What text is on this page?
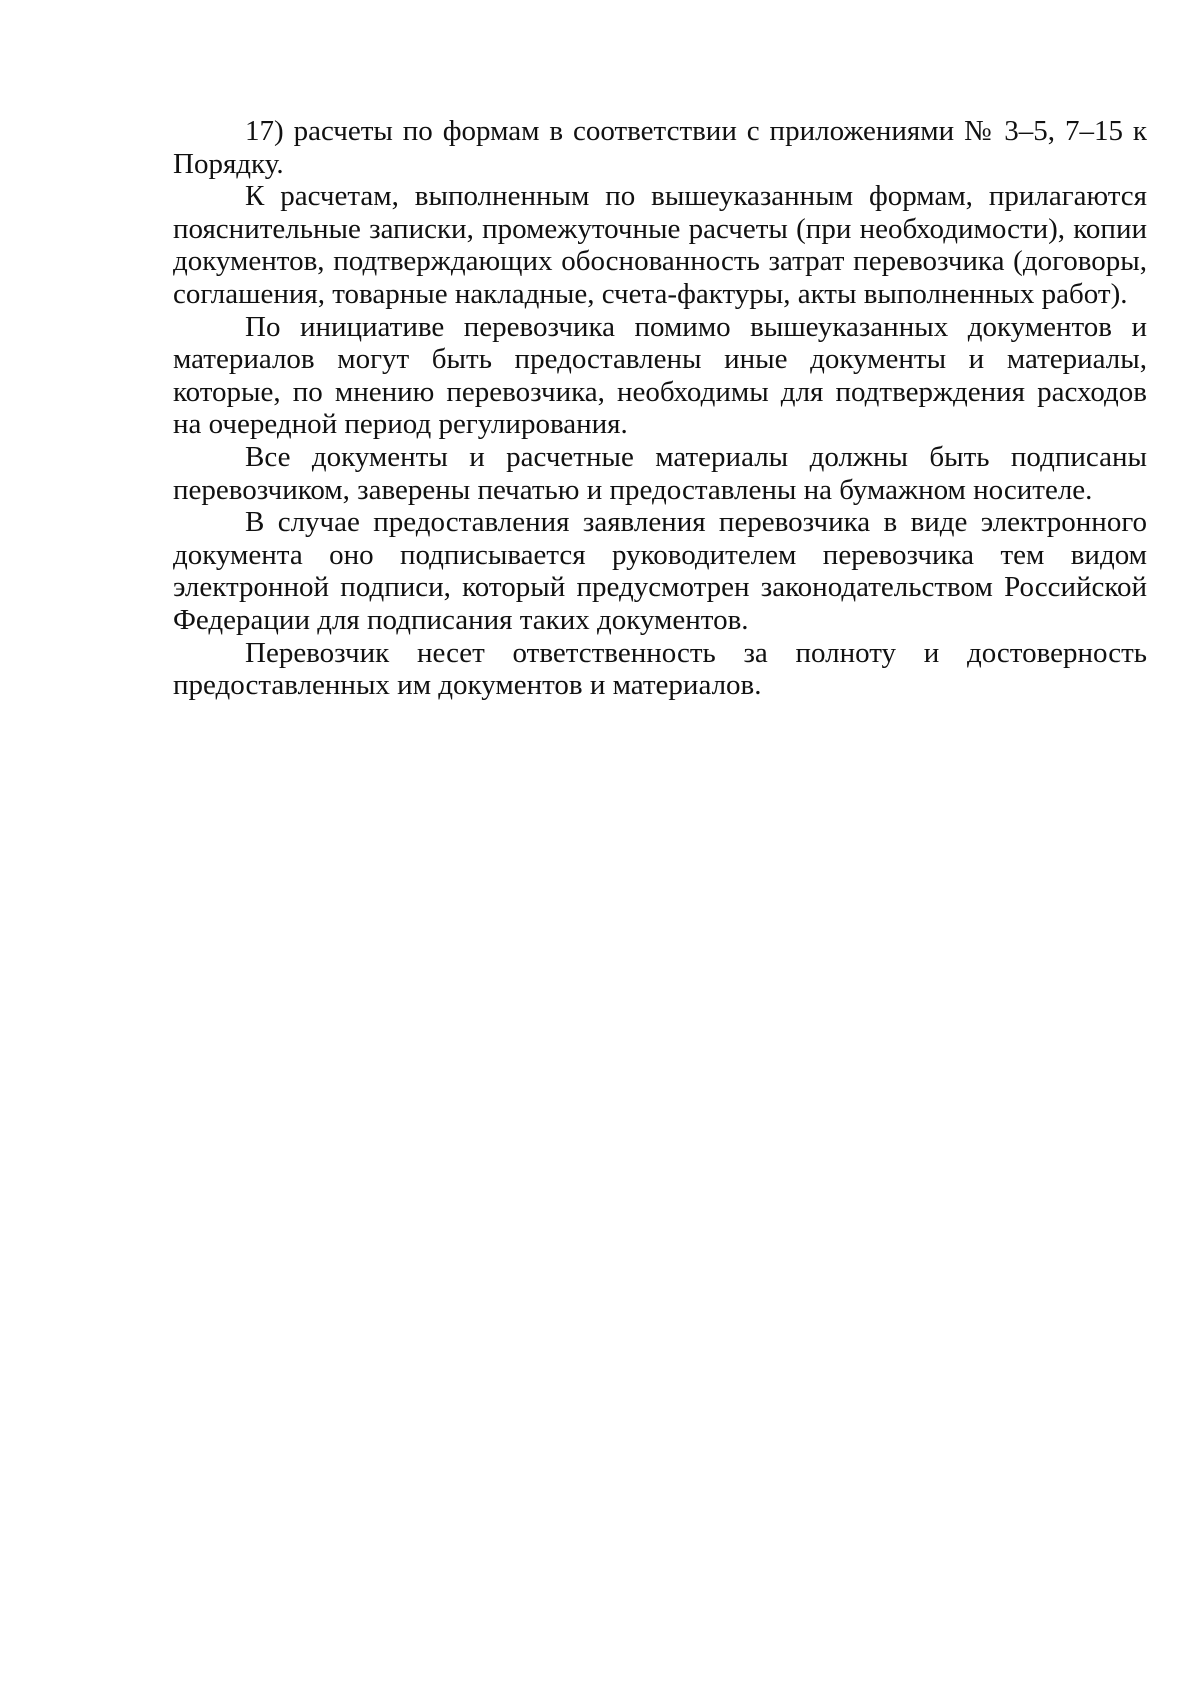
17) расчеты по формам в соответствии с приложениями № 3–5, 7–15 к Порядку.

К расчетам, выполненным по вышеуказанным формам, прилагаются пояснительные записки, промежуточные расчеты (при необходимости), копии документов, подтверждающих обоснованность затрат перевозчика (договоры, соглашения, товарные накладные, счета-фактуры, акты выполненных работ).

По инициативе перевозчика помимо вышеуказанных документов и материалов могут быть предоставлены иные документы и материалы, которые, по мнению перевозчика, необходимы для подтверждения расходов на очередной период регулирования.

Все документы и расчетные материалы должны быть подписаны перевозчиком, заверены печатью и предоставлены на бумажном носителе.

В случае предоставления заявления перевозчика в виде электронного документа оно подписывается руководителем перевозчика тем видом электронной подписи, который предусмотрен законодательством Российской Федерации для подписания таких документов.

Перевозчик несет ответственность за полноту и достоверность предоставленных им документов и материалов.
